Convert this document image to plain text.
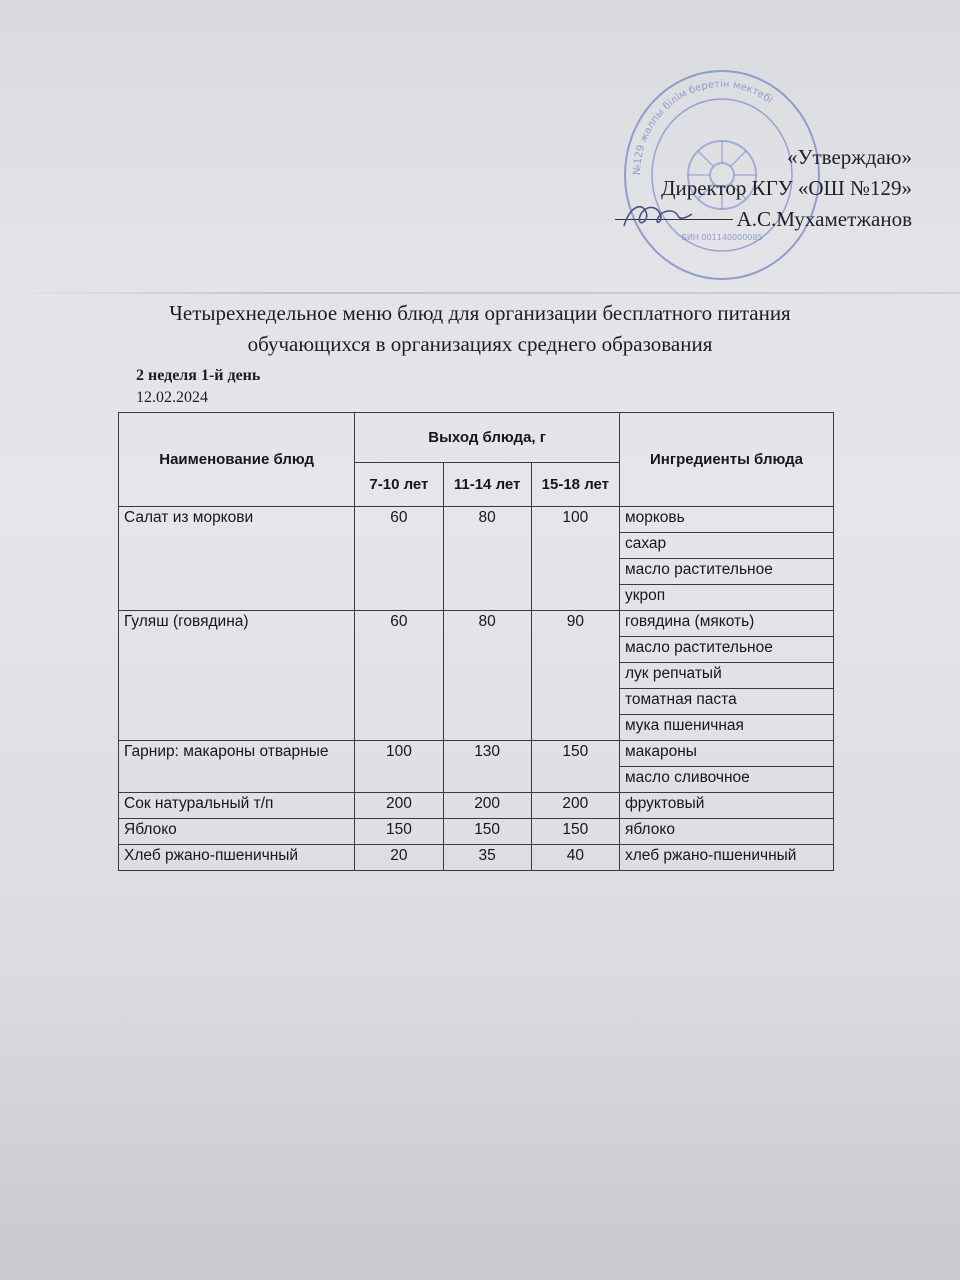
№129 жалпы білім беретін мектебі
БИН 001140000085
«Утверждаю»
Директор КГУ «ОШ №129»
А.С.Мухаметжанов
Четырехнедельное меню блюд для организации бесплатного питания
обучающихся в организациях среднего образования
2 неделя 1-й день
12.02.2024
Наименование блюд	Выход блюда, г			Ингредиенты блюда
	7-10 лет	11-14 лет	15-18 лет	
Салат из моркови	60	80	100	морковь
				сахар
				масло растительное
				укроп
Гуляш (говядина)	60	80	90	говядина (мякоть)
				масло растительное
				лук репчатый
				томатная паста
				мука пшеничная
Гарнир: макароны отварные	100	130	150	макароны
				масло сливочное
Сок натуральный т/п	200	200	200	фруктовый
Яблоко	150	150	150	яблоко
Хлеб ржано-пшеничный	20	35	40	хлеб ржано-пшеничный
